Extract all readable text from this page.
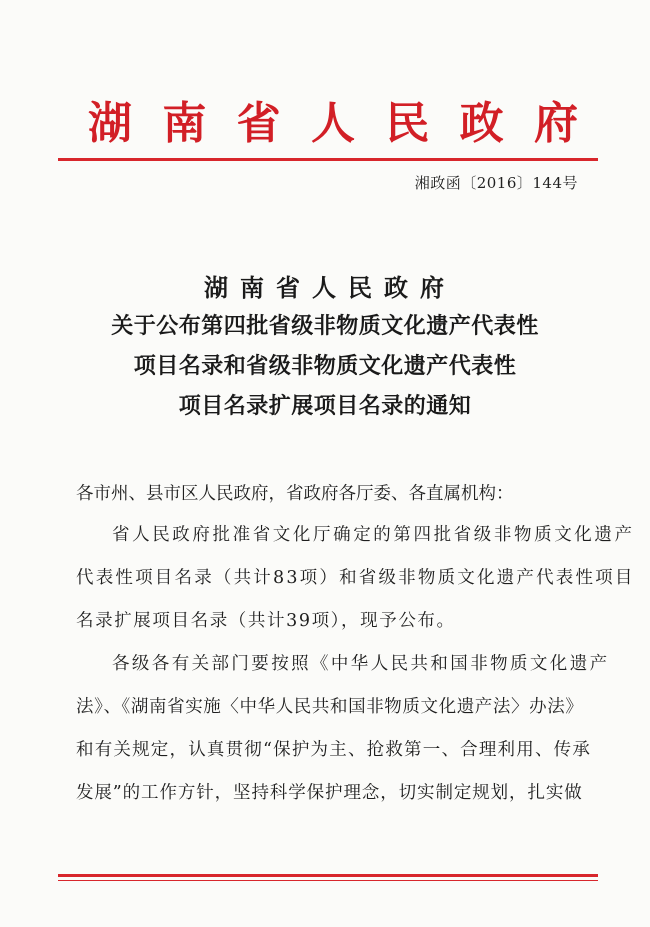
湖 南 省 人 民 政 府
湘政函〔2016〕144号
湖南省人民政府
关于公布第四批省级非物质文化遗产代表性
项目名录和省级非物质文化遗产代表性
项目名录扩展项目名录的通知
各市州、县市区人民政府，省政府各厅委、各直属机构：
省人民政府批准省文化厅确定的第四批省级非物质文化遗产
代表性项目名录（共计83项）和省级非物质文化遗产代表性项目
名录扩展项目名录（共计39项），现予公布。
各级各有关部门要按照《中华人民共和国非物质文化遗产
法》、《湖南省实施〈中华人民共和国非物质文化遗产法〉办法》
和有关规定，认真贯彻“保护为主、抢救第一、合理利用、传承
发展”的工作方针，坚持科学保护理念，切实制定规划，扎实做
